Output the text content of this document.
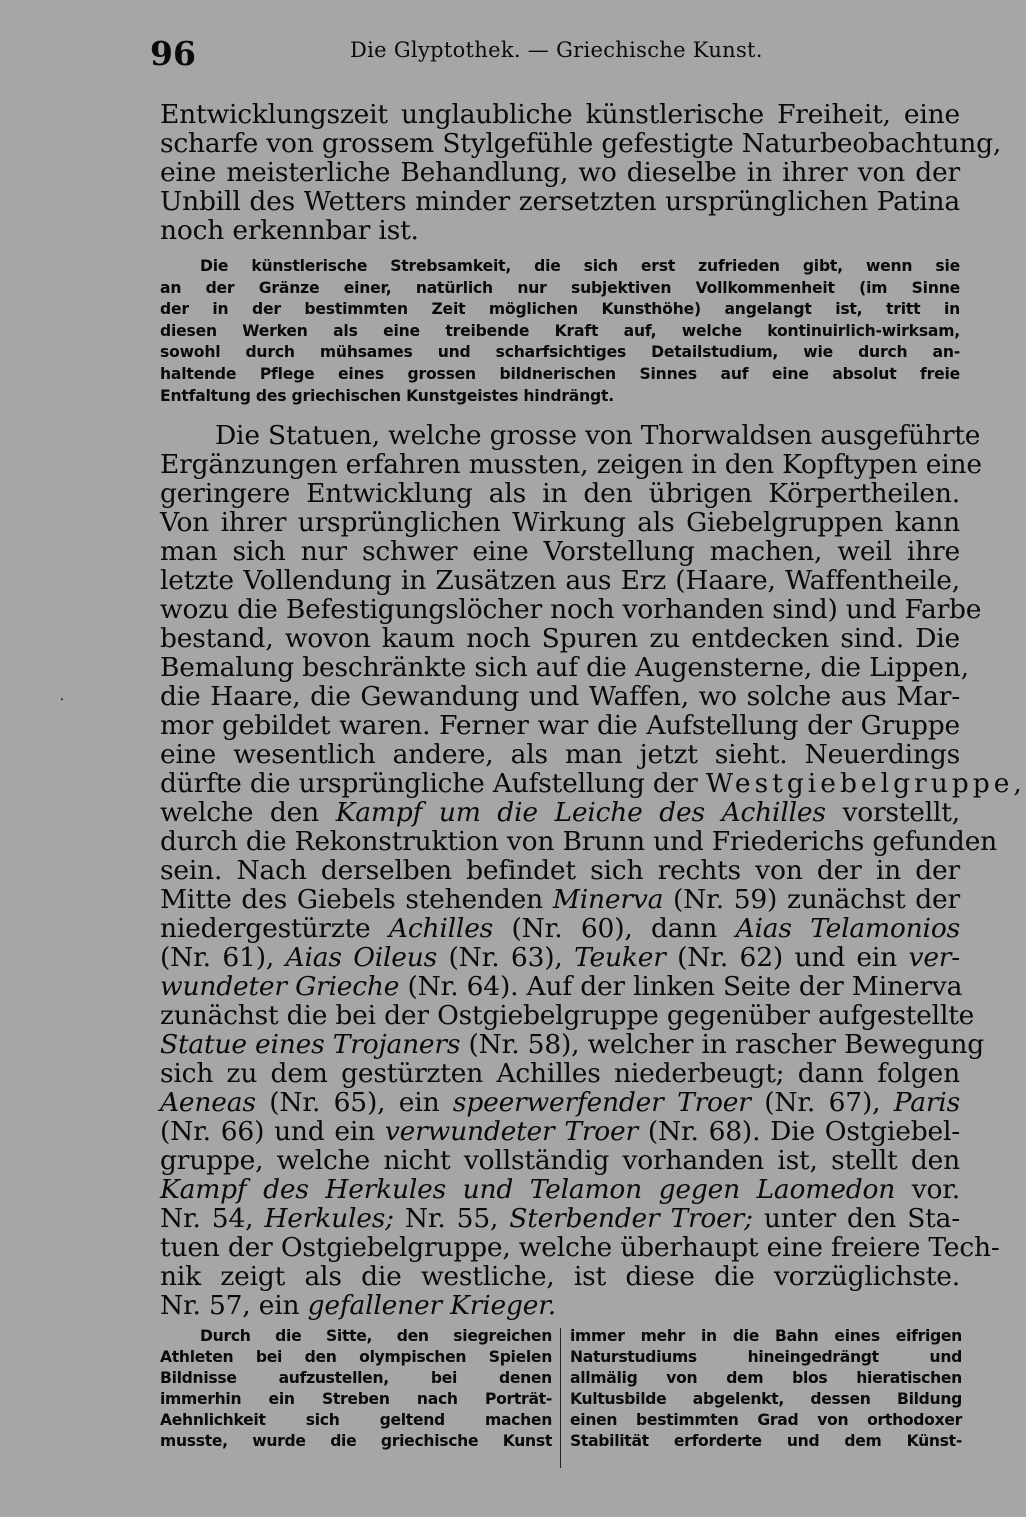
96	Die Glyptothek. — Griechische Kunst.
Entwicklungszeit unglaubliche künstlerische Freiheit, eine
scharfe von grossem Stylgefühle gefestigte Naturbeobachtung,
eine meisterliche Behandlung, wo dieselbe in ihrer von der
Unbill des Wetters minder zersetzten ursprünglichen Patina
noch erkennbar ist.
Die künstlerische Strebsamkeit, die sich erst zufrieden gibt, wenn sie
an der Gränze einer, natürlich nur subjektiven Vollkommenheit (im Sinne
der in der bestimmten Zeit möglichen Kunsthöhe) angelangt ist, tritt in
diesen Werken als eine treibende Kraft auf, welche kontinuirlich-wirksam,
sowohl durch mühsames und scharfsichtiges Detailstudium, wie durch an-
haltende Pflege eines grossen bildnerischen Sinnes auf eine absolut freie
Entfaltung des griechischen Kunstgeistes hindrängt.
Die Statuen, welche grosse von Thorwaldsen ausgeführte
Ergänzungen erfahren mussten, zeigen in den Kopftypen eine
geringere Entwicklung als in den übrigen Körpertheilen.
Von ihrer ursprünglichen Wirkung als Giebelgruppen kann
man sich nur schwer eine Vorstellung machen, weil ihre
letzte Vollendung in Zusätzen aus Erz (Haare, Waffentheile,
wozu die Befestigungslöcher noch vorhanden sind) und Farbe
bestand, wovon kaum noch Spuren zu entdecken sind. Die
Bemalung beschränkte sich auf die Augensterne, die Lippen,
die Haare, die Gewandung und Waffen, wo solche aus Mar-
mor gebildet waren. Ferner war die Aufstellung der Gruppe
eine wesentlich andere, als man jetzt sieht. Neuerdings
dürfte die ursprüngliche Aufstellung der Westgiebelgruppe,
welche den Kampf um die Leiche des Achilles vorstellt,
durch die Rekonstruktion von Brunn und Friederichs gefunden
sein. Nach derselben befindet sich rechts von der in der
Mitte des Giebels stehenden Minerva (Nr. 59) zunächst der
niedergestürzte Achilles (Nr. 60), dann Aias Telamonios
(Nr. 61), Aias Oileus (Nr. 63), Teuker (Nr. 62) und ein ver-
wundeter Grieche (Nr. 64). Auf der linken Seite der Minerva
zunächst die bei der Ostgiebelgruppe gegenüber aufgestellte
Statue eines Trojaners (Nr. 58), welcher in rascher Bewegung
sich zu dem gestürzten Achilles niederbeugt; dann folgen
Aeneas (Nr. 65), ein speerwerfender Troer (Nr. 67), Paris
(Nr. 66) und ein verwundeter Troer (Nr. 68). Die Ostgiebel-
gruppe, welche nicht vollständig vorhanden ist, stellt den
Kampf des Herkules und Telamon gegen Laomedon vor.
Nr. 54, Herkules; Nr. 55, Sterbender Troer; unter den Sta-
tuen der Ostgiebelgruppe, welche überhaupt eine freiere Tech-
nik zeigt als die westliche, ist diese die vorzüglichste.
Nr. 57, ein gefallener Krieger.
Durch die Sitte, den siegreichen
Athleten bei den olympischen Spielen
Bildnisse aufzustellen, bei denen
immerhin ein Streben nach Porträt-
Aehnlichkeit sich geltend machen
musste, wurde die griechische Kunst
immer mehr in die Bahn eines eifrigen
Naturstudiums hineingedrängt und
allmälig von dem blos hieratischen
Kultusbilde abgelenkt, dessen Bildung
einen bestimmten Grad von orthodoxer
Stabilität erforderte und dem Künst-
⸳
